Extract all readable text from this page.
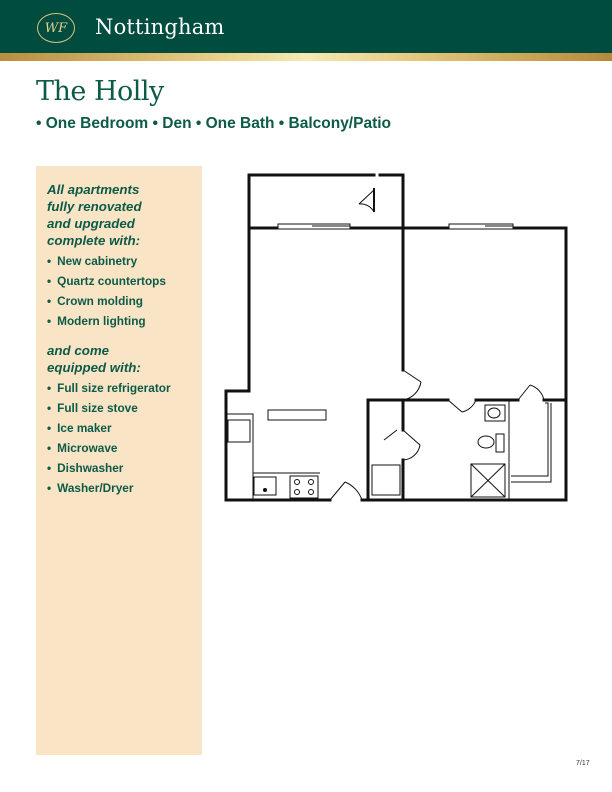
WF Nottingham
The Holly
• One Bedroom • Den • One Bath • Balcony/Patio
All apartments
fully renovated
and upgraded
complete with:
• New cabinetry
• Quartz countertops
• Crown molding
• Modern lighting
and come
equipped with:
• Full size refrigerator
• Full size stove
• Ice maker
• Microwave
• Dishwasher
• Washer/Dryer
7/17
